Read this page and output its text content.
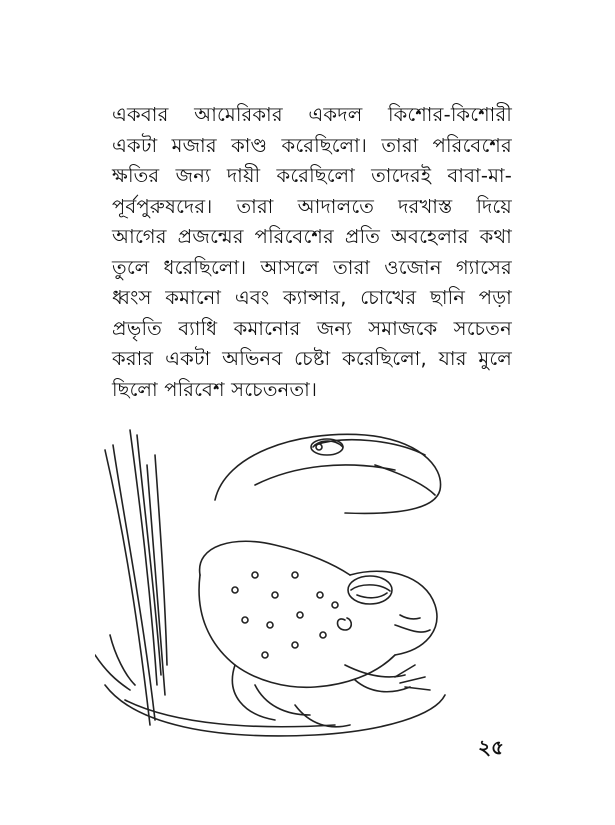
একবার আমেরিকার একদল কিশোর-কিশোরী
একটা মজার কাণ্ড করেছিলো। তারা পরিবেশের
ক্ষতির জন্য দায়ী করেছিলো তাদেরই বাবা-মা-
পূর্বপুরুষদের। তারা আদালতে দরখাস্ত দিয়ে
আগের প্রজন্মের পরিবেশের প্রতি অবহেলার কথা
তুলে ধরেছিলো। আসলে তারা ওজোন গ্যাসের
ধ্বংস কমানো এবং ক্যান্সার, চোখের ছানি পড়া
প্রভৃতি ব্যাধি কমানোর জন্য সমাজকে সচেতন
করার একটা অভিনব চেষ্টা করেছিলো, যার মুলে
ছিলো পরিবেশ সচেতনতা।
২৫
